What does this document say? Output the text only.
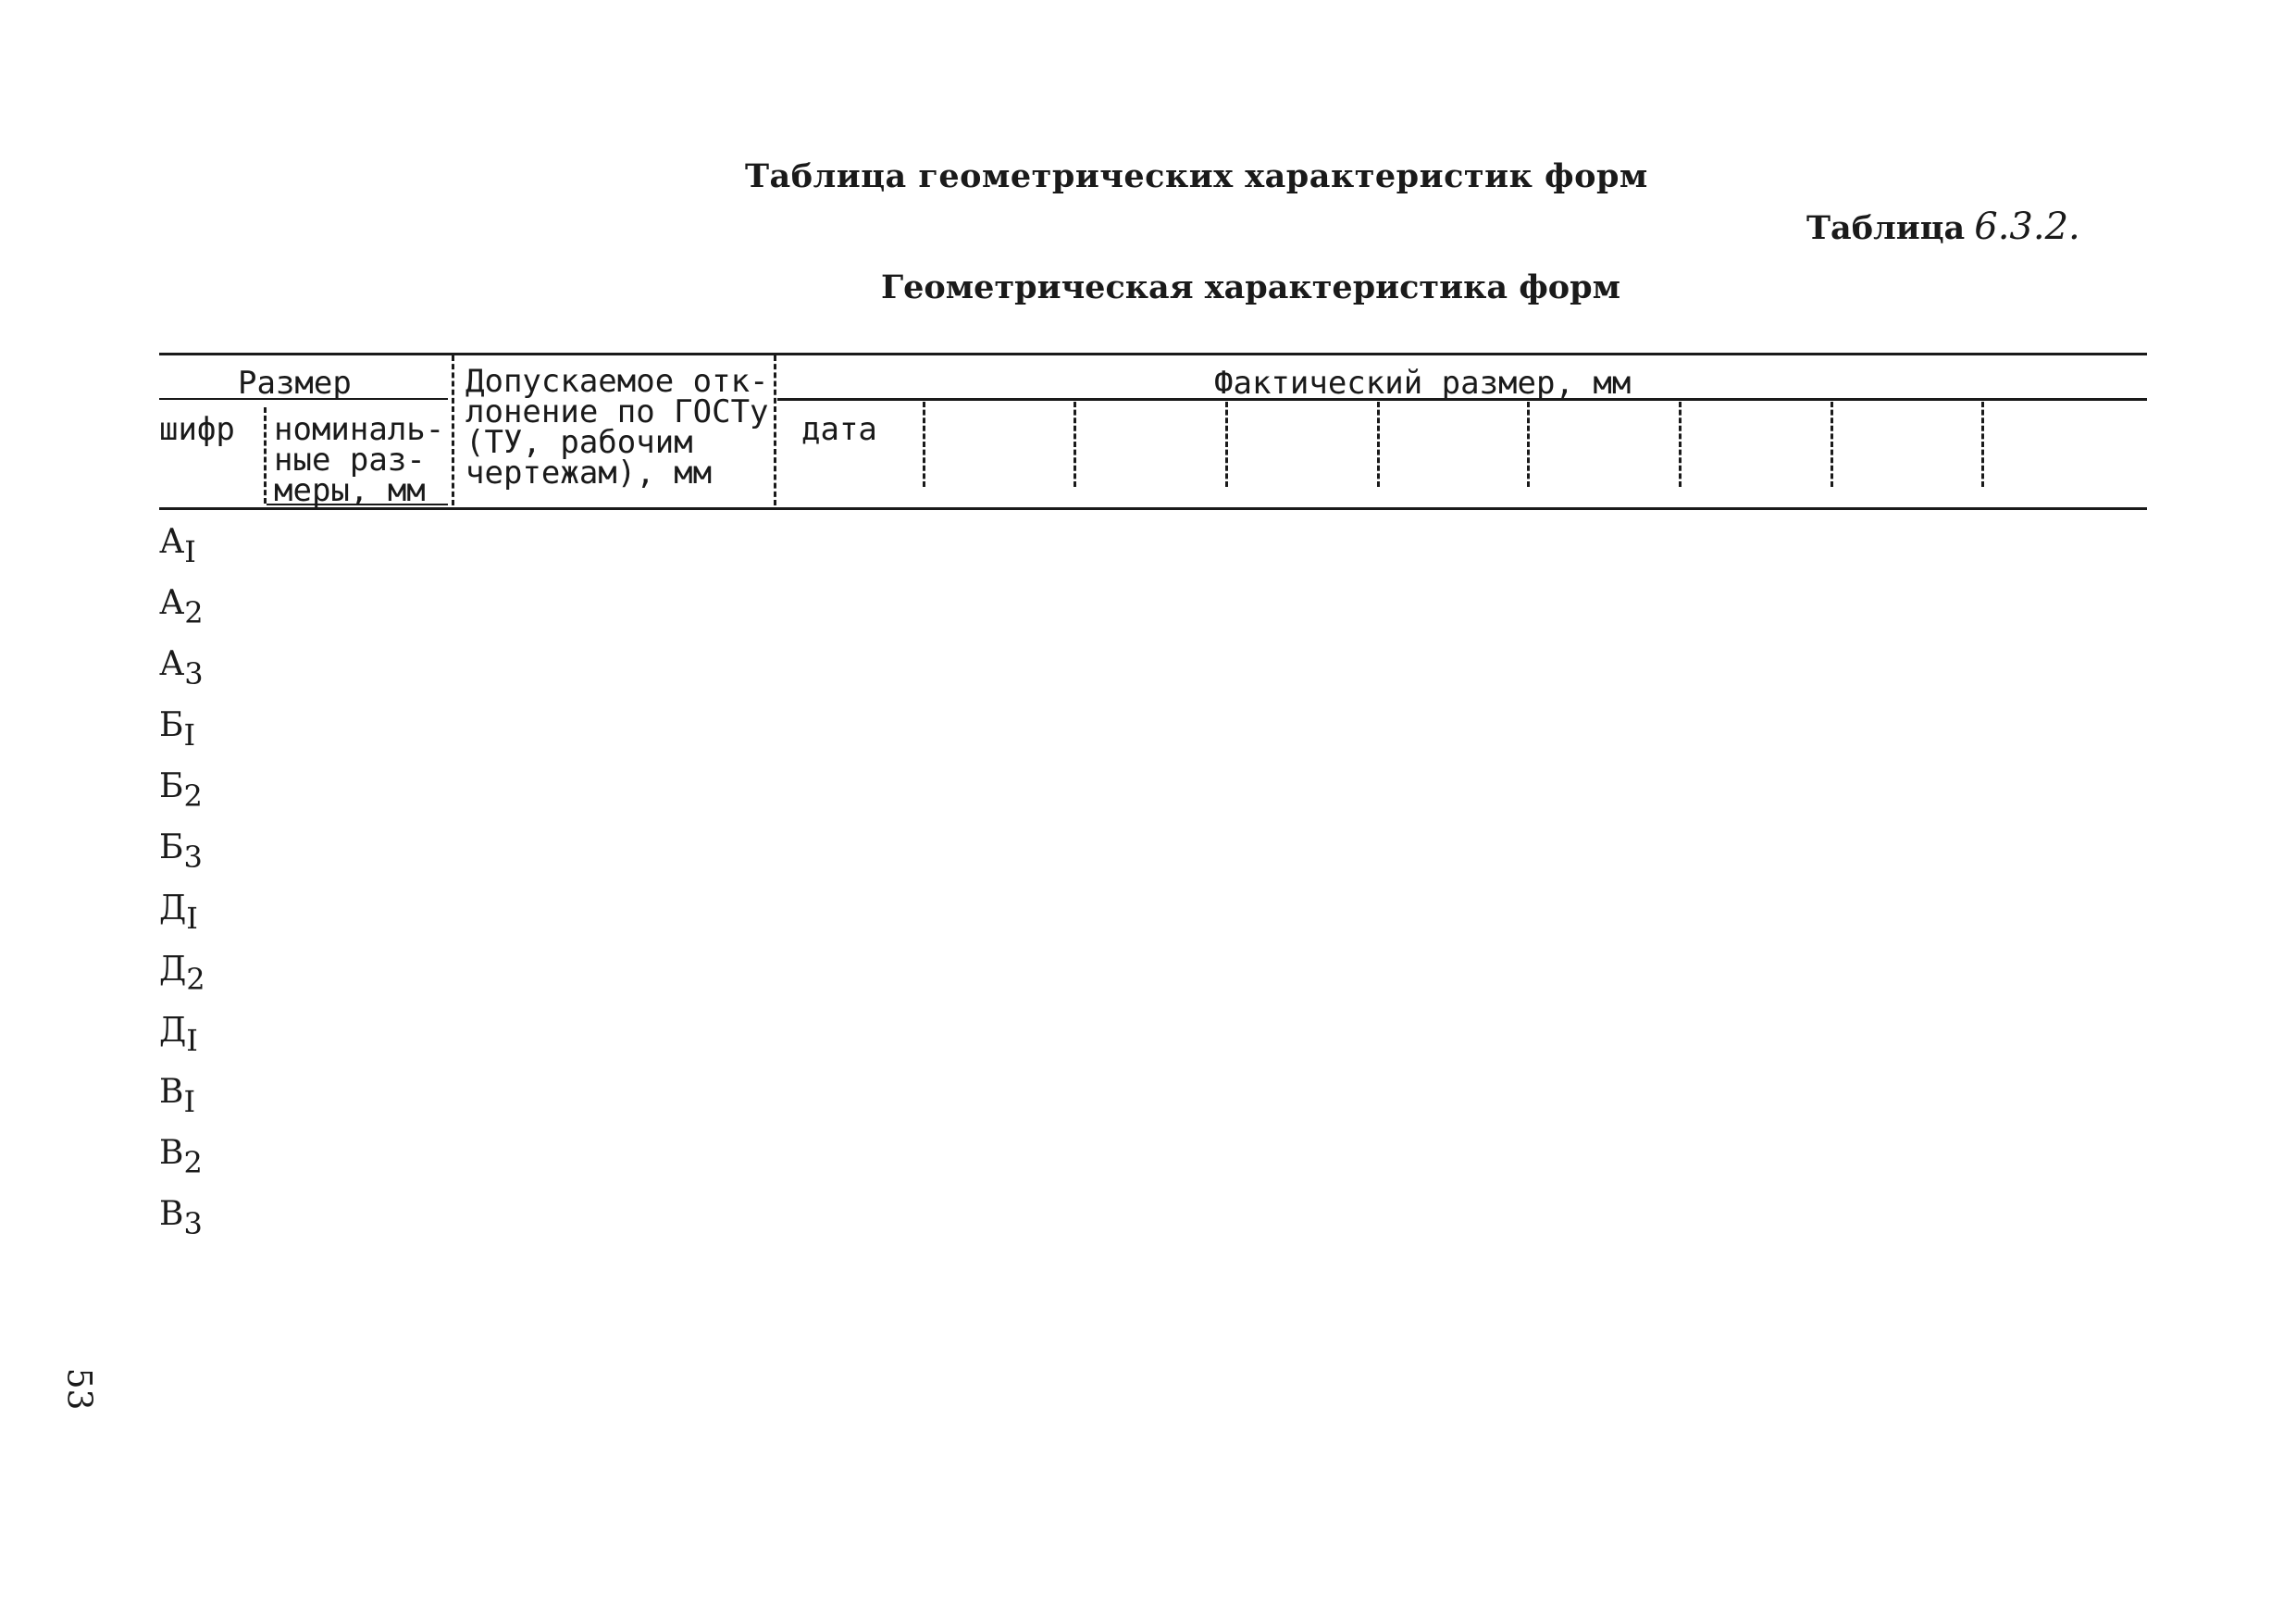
Таблица геометрических характеристик форм
Таблица 6.3.2.
Геометрическая характеристика форм
Размер
шифр номиналь-
ные раз-
меры, мм
Допускаемое отк-
лонение по ГОСТу
(ТУ, рабочим
чертежам), мм
Фактический размер, мм
дата
$А_I$
$А_2$
$А_3$
$Б_I$
$Б_2$
$Б_3$
$Д_I$
$Д_2$
$Д_I$
$В_I$
$В_2$
$В_3$
53
